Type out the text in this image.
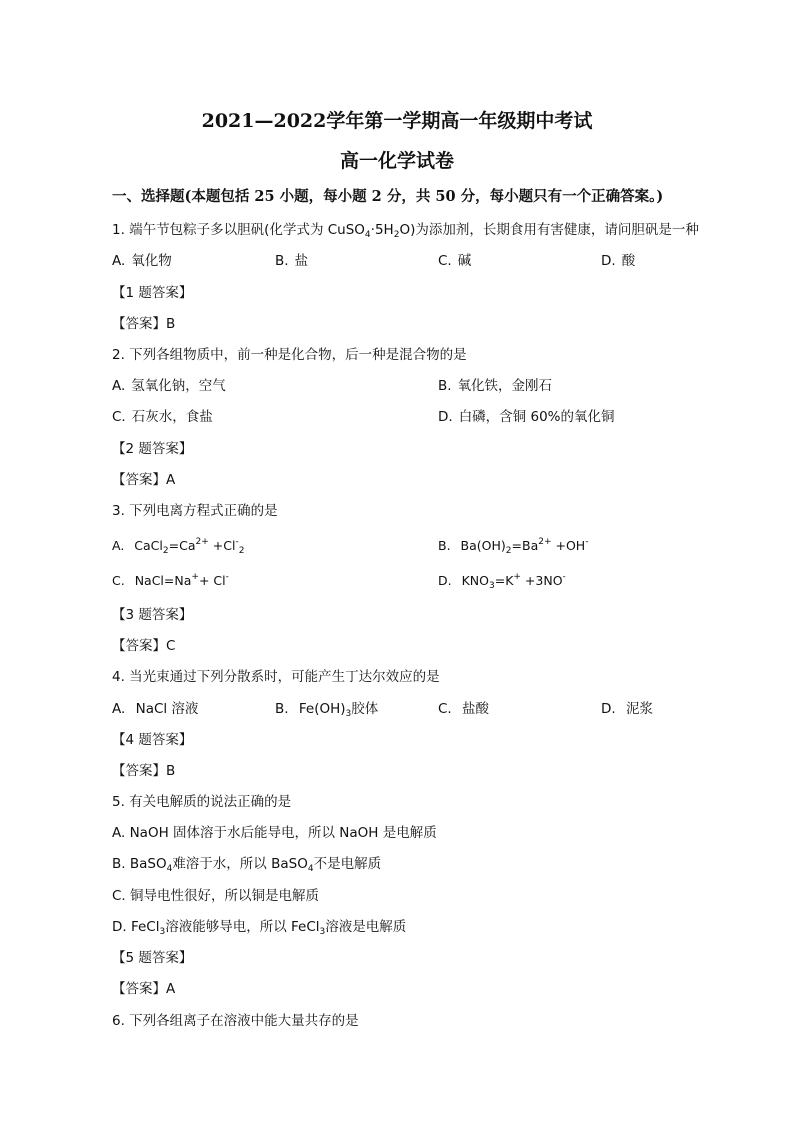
2021—2022学年第一学期高一年级期中考试
高一化学试卷
一、选择题(本题包括 25 小题，每小题 2 分，共 50 分，每小题只有一个正确答案。)
1. 端午节包粽子多以胆矾(化学式为 $CuSO_4\cdot 5H_2O$)为添加剂，长期食用有害健康，请问胆矾是一种
A. 氧化物	B. 盐	C. 碱	D. 酸
【1 题答案】
【答案】B
2. 下列各组物质中，前一种是化合物，后一种是混合物的是
A. 氢氧化钠，空气	B. 氧化铁，金刚石
C. 石灰水，食盐	D. 白磷，含铜 60%的氧化铜
【2 题答案】
【答案】A
3. 下列电离方程式正确的是
A. $CaCl_2=Ca^{2+} +Cl^-_2$	B. $Ba(OH)_2=Ba^{2+} +OH^-$
C. NaCl=Na++ Cl-	D. $KNO_3=K^+ +3NO^-$
【3 题答案】
【答案】C
4. 当光束通过下列分散系时，可能产生丁达尔效应的是
A. NaCl 溶液	B. $Fe(OH)_3$胶体	C. 盐酸	D. 泥浆
【4 题答案】
【答案】B
5. 有关电解质的说法正确的是
A. NaOH 固体溶于水后能导电，所以 NaOH 是电解质
B. BaSO$_4$难溶于水，所以 BaSO$_4$不是电解质
C. 铜导电性很好，所以铜是电解质
D. FeCl$_3$溶液能够导电，所以 FeCl$_3$溶液是电解质
【5 题答案】
【答案】A
6. 下列各组离子在溶液中能大量共存的是
